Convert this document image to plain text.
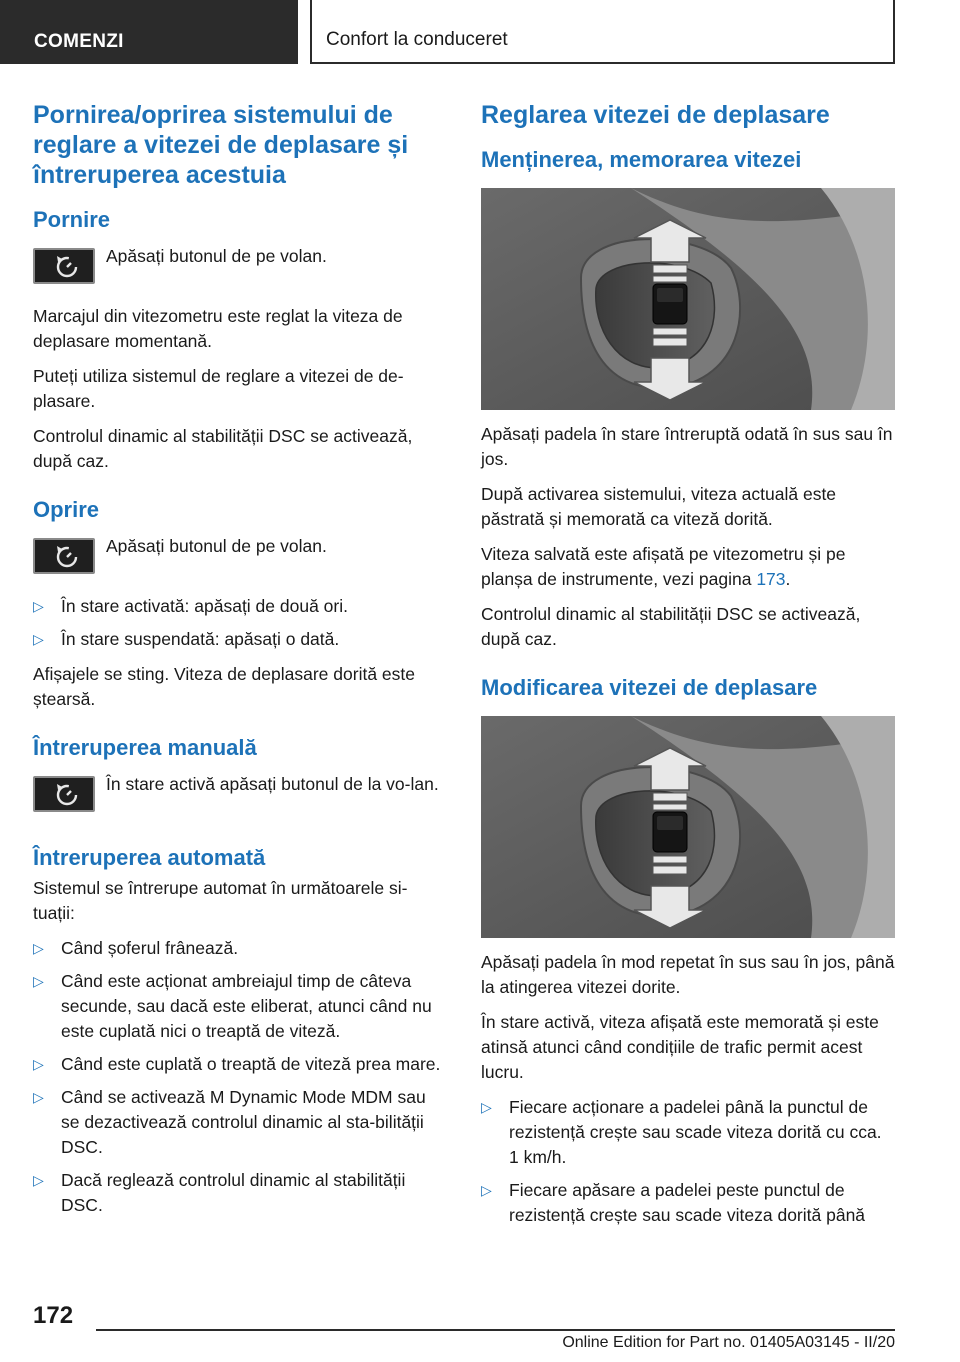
COMENZI	Confort la conduceret
Pornirea/oprirea sistemului de reglare a vitezei de deplasare și întreruperea acestuia
Pornire

Apăsați butonul de pe volan.

Marcajul din vitezometru este reglat la viteza de deplasare momentană.

Puteți utiliza sistemul de reglare a vitezei de de-plasare.

Controlul dinamic al stabilității DSC se activează, după caz.

Oprire

Apăsați butonul de pe volan.

▷ În stare activată: apăsați de două ori.
▷ În stare suspendată: apăsați o dată.

Afișajele se sting. Viteza de deplasare dorită este ștearsă.

Întreruperea manuală

În stare activă apăsați butonul de la vo-lan.

Întreruperea automată

Sistemul se întrerupe automat în următoarele si-tuații:

▷ Când șoferul frânează.
▷ Când este acționat ambreiajul timp de câteva secunde, sau dacă este eliberat, atunci când nu este cuplată nici o treaptă de viteză.
▷ Când este cuplată o treaptă de viteză prea mare.
▷ Când se activează M Dynamic Mode MDM sau se dezactivează controlul dinamic al sta-bilității DSC.
▷ Dacă reglează controlul dinamic al stabilității DSC.
Reglarea vitezei de deplasare
Menținerea, memorarea vitezei

Apăsați padela în stare întreruptă odată în sus sau în jos.

După activarea sistemului, viteza actuală este păstrată și memorată ca viteză dorită.

Viteza salvată este afișată pe vitezometru și pe planșa de instrumente, vezi pagina 173.

Controlul dinamic al stabilității DSC se activează, după caz.

Modificarea vitezei de deplasare

Apăsați padela în mod repetat în sus sau în jos, până la atingerea vitezei dorite.

În stare activă, viteza afișată este memorată și este atinsă atunci când condițiile de trafic permit acest lucru.

▷ Fiecare acționare a padelei până la punctul de rezistență crește sau scade viteza dorită cu cca. 1 km/h.
▷ Fiecare apăsare a padelei peste punctul de rezistență crește sau scade viteza dorită până
172
Online Edition for Part no. 01405A03145 - II/20
